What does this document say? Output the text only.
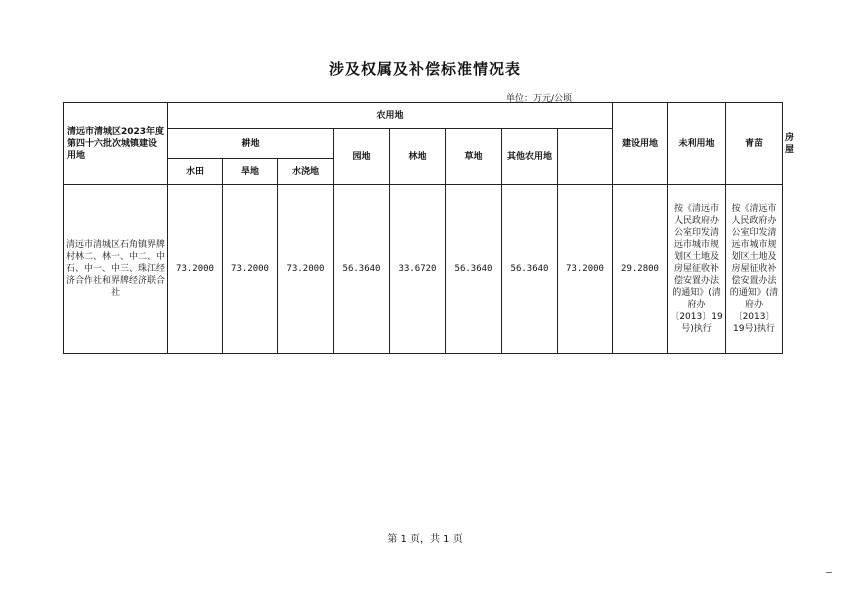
涉及权属及补偿标准情况表
单位：万元/公顷
清远市清城区2023年度第四十六批次城镇建设用地	农用地								建设用地	未利用地	青苗	房屋
	耕地			园地	林地	草地	其他农用地					
	水田	旱地	水浇地									
清远市清城区石角镇界牌村林二、林一、中二、中石、中一、中三、珠江经济合作社和界牌经济联合社	73.2000	73.2000	73.2000	56.3640	33.6720	56.3640	56.3640	73.2000	29.2800	按《清远市人民政府办公室印发清远市城市规划区土地及房屋征收补偿安置办法的通知》(清府办〔2013〕19号)执行	按《清远市人民政府办公室印发清远市城市规划区土地及房屋征收补偿安置办法的通知》(清府办〔2013〕19号)执行	
第 1 页，共 1 页
